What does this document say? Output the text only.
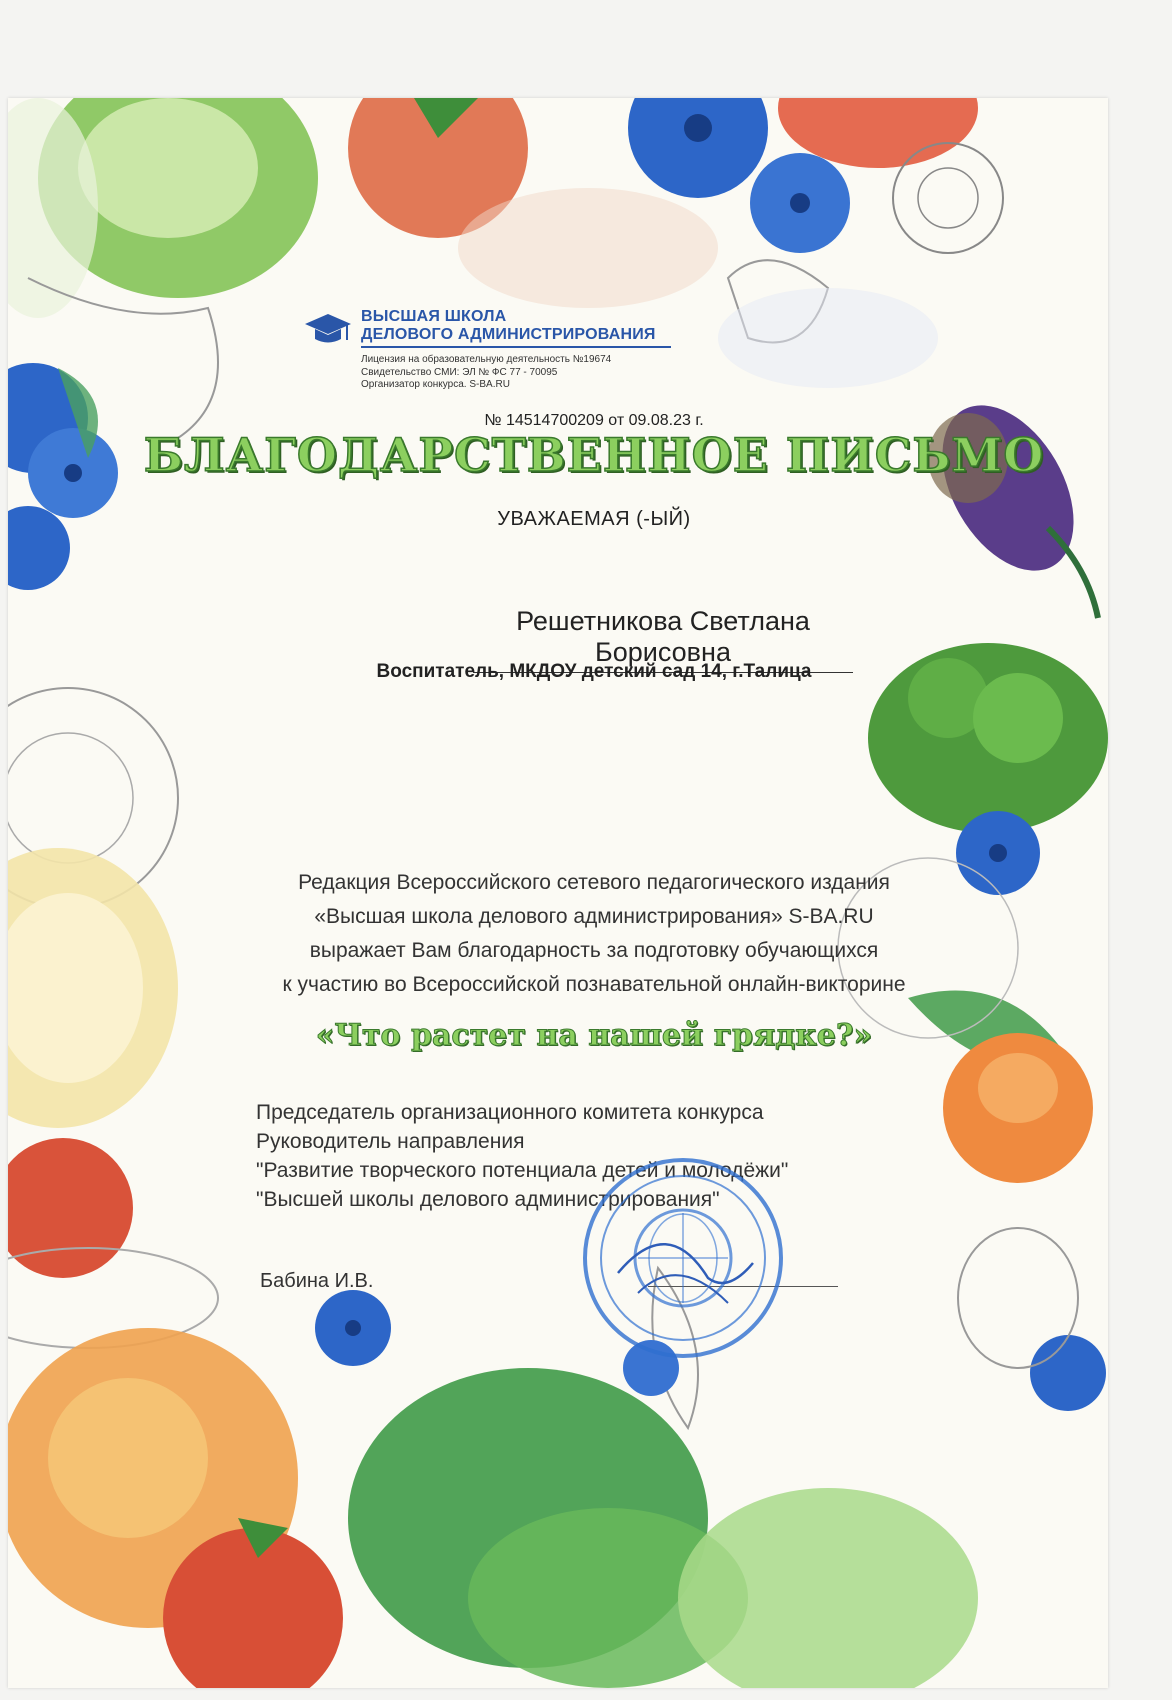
ВЫСШАЯ ШКОЛА
ДЕЛОВОГО АДМИНИСТРИРОВАНИЯ
Лицензия на образовательную деятельность №19674
Свидетельство СМИ: ЭЛ № ФС 77 - 70095
Организатор конкурса. S-BA.RU
№ 14514700209 от 09.08.23 г.
БЛАГОДАРСТВЕННОЕ ПИСЬМО
УВАЖАЕМАЯ (-ЫЙ)
Решетникова Светлана Борисовна
Воспитатель, МКДОУ детский сад 14, г.Талица
Редакция Всероссийского сетевого педагогического издания
«Высшая школа делового администрирования» S-BA.RU
выражает Вам благодарность за подготовку обучающихся
к участию во Всероссийской познавательной онлайн-викторине
«Что растет на нашей грядке?»
Председатель организационного комитета конкурса
Руководитель направления
"Развитие творческого потенциала детей и молодёжи"
"Высшей школы делового администрирования"
Бабина И.В.
